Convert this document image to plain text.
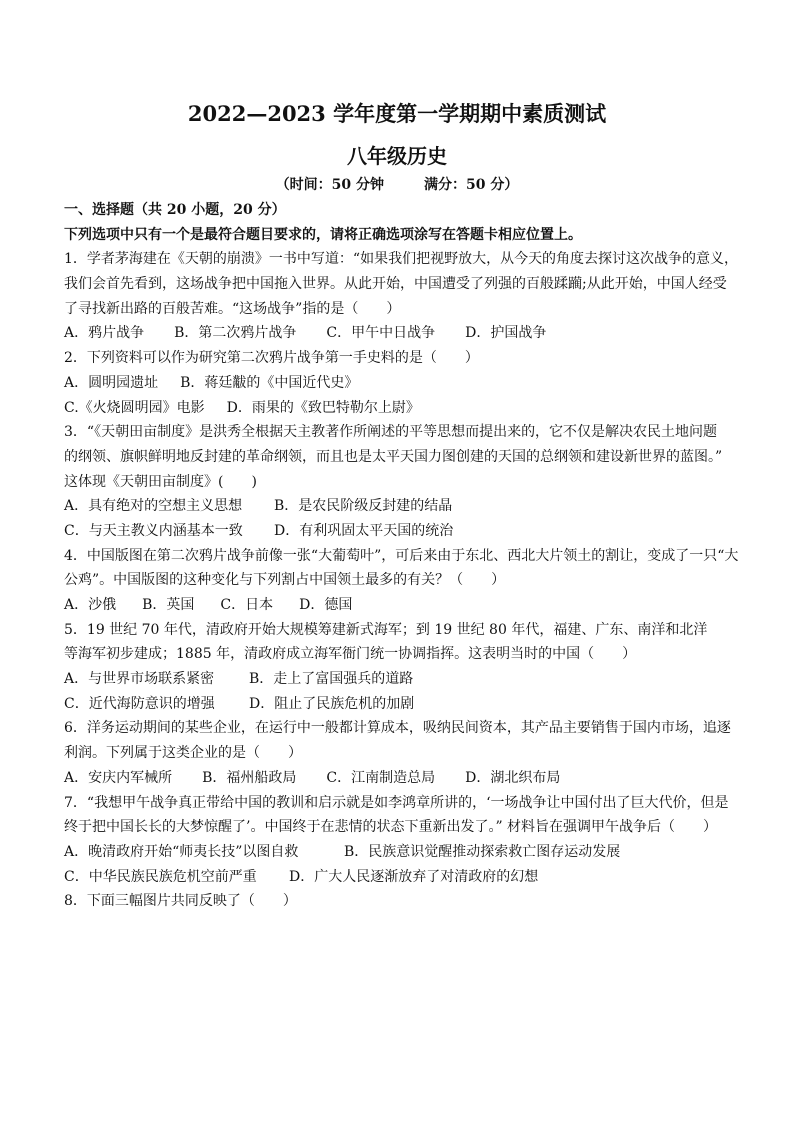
2022—2023 学年度第一学期期中素质测试
八年级历史
（时间：50 分钟	满分：50 分）
一、选择题（共 20 小题，20 分）
下列选项中只有一个是最符合题目要求的，请将正确选项涂写在答题卡相应位置上。
1．学者茅海建在《天朝的崩溃》一书中写道：“如果我们把视野放大，从今天的角度去探讨这次战争的意义，
我们会首先看到，这场战争把中国拖入世界。从此开始，中国遭受了列强的百般蹂躏;从此开始，中国人经受
了寻找新出路的百般苦难。“这场战争”指的是（　　）
A．鸦片战争 B．第二次鸦片战争 C．甲午中日战争 D．护国战争
2．下列资料可以作为研究第二次鸦片战争第一手史料的是（　　）
A．圆明园遗址 B．蒋廷黻的《中国近代史》
C.《火烧圆明园》电影 D．雨果的《致巴特勒尔上尉》
3．“《天朝田亩制度》是洪秀全根据天主教著作所阐述的平等思想而提出来的，它不仅是解决农民土地问题
的纲领、旗帜鲜明地反封建的革命纲领，而且也是太平天国力图创建的天国的总纲领和建设新世界的蓝图。”
这体现《天朝田亩制度》(　　)
A．具有绝对的空想主义思想 B．是农民阶级反封建的结晶
C．与天主教义内涵基本一致 D．有利巩固太平天国的统治
4．中国版图在第二次鸦片战争前像一张“大葡萄叶”，可后来由于东北、西北大片领土的割让，变成了一只“大
公鸡”。中国版图的这种变化与下列割占中国领土最多的有关？（　　）
A．沙俄 B．英国 C．日本 D．德国
5．19 世纪 70 年代，清政府开始大规模筹建新式海军；到 19 世纪 80 年代，福建、广东、南洋和北洋
等海军初步建成；1885 年，清政府成立海军衙门统一协调指挥。这表明当时的中国（　　）
A．与世界市场联系紧密 B．走上了富国强兵的道路
C．近代海防意识的增强 D．阻止了民族危机的加剧
6．洋务运动期间的某些企业，在运行中一般都计算成本，吸纳民间资本，其产品主要销售于国内市场，追逐
利润。下列属于这类企业的是（　　）
A．安庆内军械所 B．福州船政局 C．江南制造总局 D．湖北织布局
7．“我想甲午战争真正带给中国的教训和启示就是如李鸿章所讲的，‘一场战争让中国付出了巨大代价，但是
终于把中国长长的大梦惊醒了’。中国终于在悲情的状态下重新出发了。” 材料旨在强调甲午战争后（　　）
A．晚清政府开始“师夷长技”以图自救	B．民族意识觉醒推动探索救亡图存运动发展
C．中华民族民族危机空前严重 D．广大人民逐渐放弃了对清政府的幻想
8．下面三幅图片共同反映了（　　）
